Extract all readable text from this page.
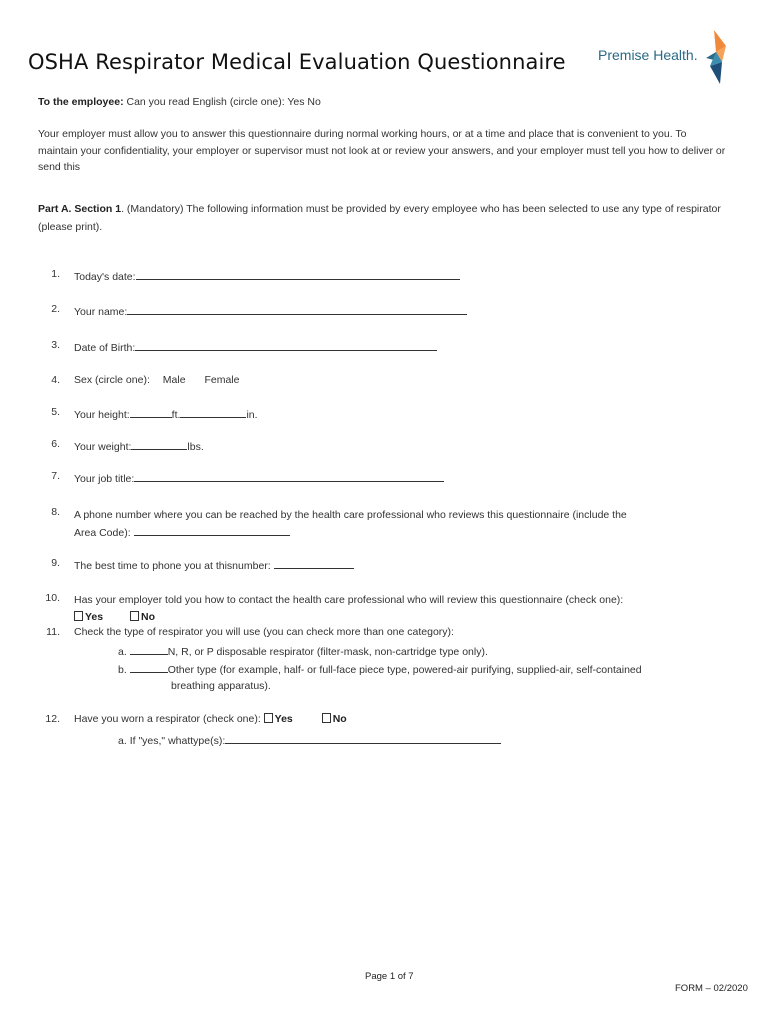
OSHA Respirator Medical Evaluation Questionnaire Premise Health.
To the employee: Can you read English (circle one): Yes No
Your employer must allow you to answer this questionnaire during normal working hours, or at a time and place that is convenient to you. To maintain your confidentiality, your employer or supervisor must not look at or review your answers, and your employer must tell you how to deliver or send this
Part A. Section 1. (Mandatory) The following information must be provided by every employee who has been selected to use any type of respirator (please print).
1. Today's date:
2. Your name:
3. Date of Birth:
4. Sex (circle one): Male Female
5. Your height:	ft.	in.
6. Your weight:	lbs.
7. Your job title:
8. A phone number where you can be reached by the health care professional who reviews this questionnaire (include the
Area Code):
9. The best time to phone you at thisnumber:
10. Has your employer told you how to contact the health care professional who will review this questionnaire (check one):
Yes	No
11. Check the type of respirator you will use (you can check more than one category):
a.	N, R, or P disposable respirator (filter-mask, non-cartridge type only).
b.	Other type (for example, half- or full-face piece type, powered-air purifying, supplied-air, self-contained
breathing apparatus).
12. Have you worn a respirator (check one): Yes	No
a. If "yes," whattype(s):
Page 1 of 7
FORM – 02/2020
